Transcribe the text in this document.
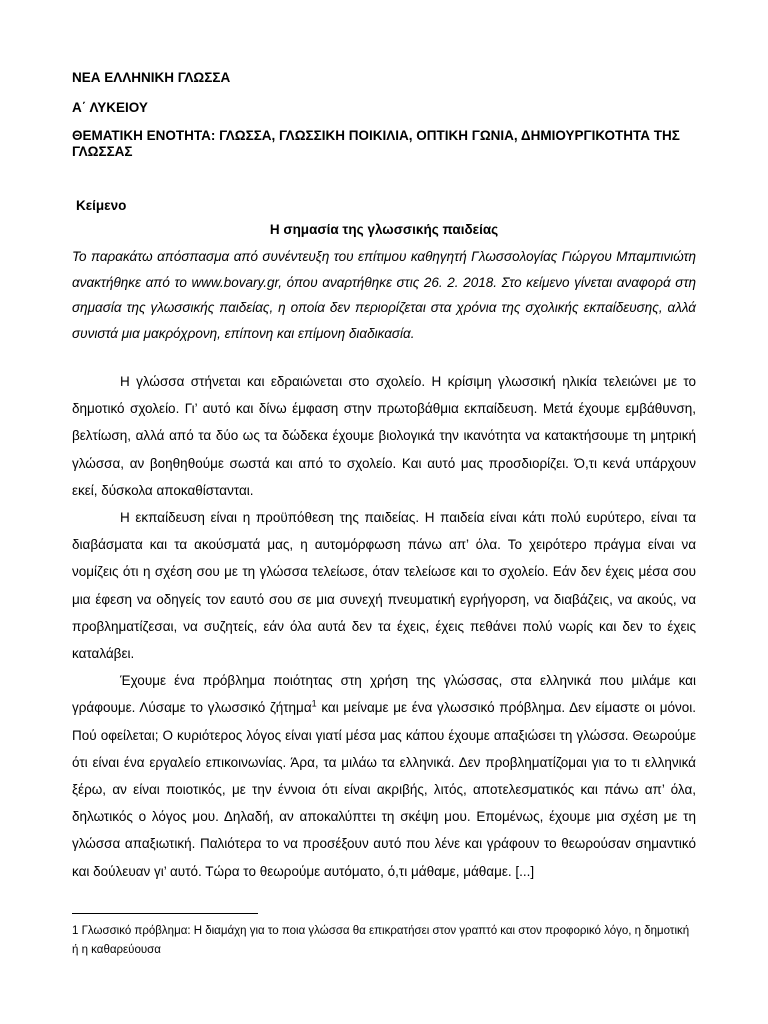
ΝΕΑ ΕΛΛΗΝΙΚΗ ΓΛΩΣΣΑ
Α΄ ΛΥΚΕΙΟΥ
ΘΕΜΑΤΙΚΗ ΕΝΟΤΗΤΑ: ΓΛΩΣΣΑ, ΓΛΩΣΣΙΚΗ ΠΟΙΚΙΛΙΑ, ΟΠΤΙΚΗ ΓΩΝΙΑ, ΔΗΜΙΟΥΡΓΙΚΟΤΗΤΑ ΤΗΣ ΓΛΩΣΣΑΣ
Κείμενο
Η σημασία της γλωσσικής παιδείας
Το παρακάτω απόσπασμα από συνέντευξη του επίτιμου καθηγητή Γλωσσολογίας Γιώργου Μπαμπινιώτη ανακτήθηκε από το www.bovary.gr, όπου αναρτήθηκε στις 26. 2. 2018. Στο κείμενο γίνεται αναφορά στη σημασία της γλωσσικής παιδείας, η οποία δεν περιορίζεται στα χρόνια της σχολικής εκπαίδευσης, αλλά συνιστά μια μακρόχρονη, επίπονη και επίμονη διαδικασία.

Η γλώσσα στήνεται και εδραιώνεται στο σχολείο. Η κρίσιμη γλωσσική ηλικία τελειώνει με το δημοτικό σχολείο. Γι’ αυτό και δίνω έμφαση στην πρωτοβάθμια εκπαίδευση. Μετά έχουμε εμβάθυνση, βελτίωση, αλλά από τα δύο ως τα δώδεκα έχουμε βιολογικά την ικανότητα να κατακτήσουμε τη μητρική γλώσσα, αν βοηθηθούμε σωστά και από το σχολείο. Και αυτό μας προσδιορίζει. Ό,τι κενά υπάρχουν εκεί, δύσκολα αποκαθίστανται.

Η εκπαίδευση είναι η προϋπόθεση της παιδείας. Η παιδεία είναι κάτι πολύ ευρύτερο, είναι τα διαβάσματα και τα ακούσματά μας, η αυτομόρφωση πάνω απ’ όλα. Το χειρότερο πράγμα είναι να νομίζεις ότι η σχέση σου με τη γλώσσα τελείωσε, όταν τελείωσε και το σχολείο. Εάν δεν έχεις μέσα σου μια έφεση να οδηγείς τον εαυτό σου σε μια συνεχή πνευματική εγρήγορση, να διαβάζεις, να ακούς, να προβληματίζεσαι, να συζητείς, εάν όλα αυτά δεν τα έχεις, έχεις πεθάνει πολύ νωρίς και δεν το έχεις καταλάβει.

Έχουμε ένα πρόβλημα ποιότητας στη χρήση της γλώσσας, στα ελληνικά που μιλάμε και γράφουμε. Λύσαμε το γλωσσικό ζήτημα$^1$ και μείναμε με ένα γλωσσικό πρόβλημα. Δεν είμαστε οι μόνοι. Πού οφείλεται; Ο κυριότερος λόγος είναι γιατί μέσα μας κάπου έχουμε απαξιώσει τη γλώσσα. Θεωρούμε ότι είναι ένα εργαλείο επικοινωνίας. Άρα, τα μιλάω τα ελληνικά. Δεν προβληματίζομαι για το τι ελληνικά ξέρω, αν είναι ποιοτικός, με την έννοια ότι είναι ακριβής, λιτός, αποτελεσματικός και πάνω απ’ όλα, δηλωτικός ο λόγος μου. Δηλαδή, αν αποκαλύπτει τη σκέψη μου. Επομένως, έχουμε μια σχέση με τη γλώσσα απαξιωτική. Παλιότερα το να προσέξουν αυτό που λένε και γράφουν το θεωρούσαν σημαντικό και δούλευαν γι’ αυτό. Τώρα το θεωρούμε αυτόματο, ό,τι μάθαμε, μάθαμε. [...]

1 Γλωσσικό πρόβλημα: Η διαμάχη για το ποια γλώσσα θα επικρατήσει στον γραπτό και στον προφορικό λόγο, η δημοτική ή η καθαρεύουσα
